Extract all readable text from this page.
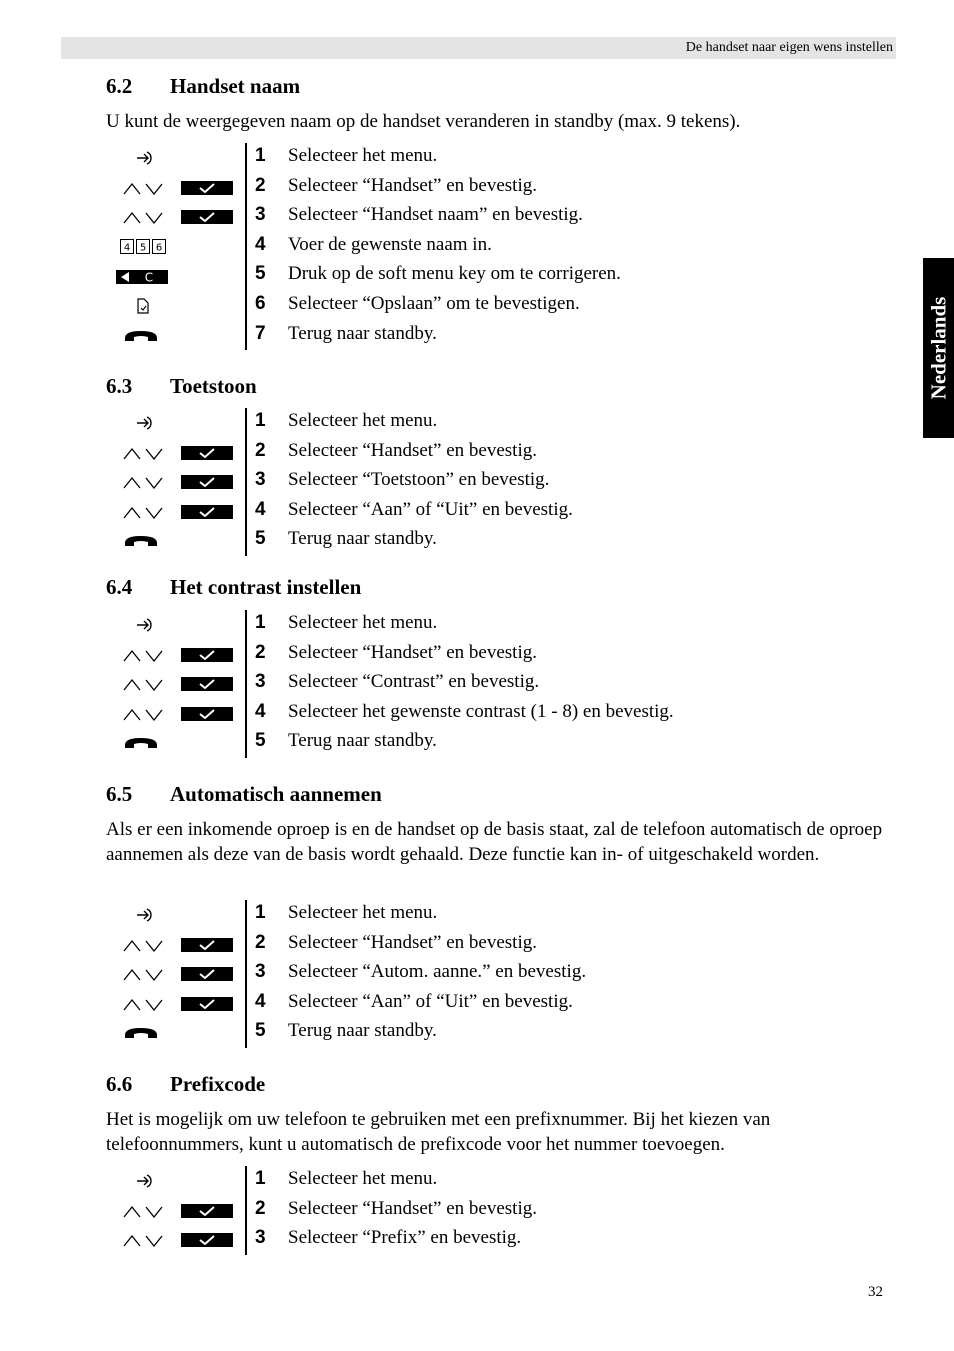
De handset naar eigen wens instellen
Nederlands
6.2 Handset naam

U kunt de weergegeven naam op de handset veranderen in standby (max. 9 tekens).

1 Selecteer het menu.
2 Selecteer “Handset” en bevestig.
3 Selecteer “Handset naam” en bevestig.
4 5 6	4 Voer de gewenste naam in.
C	5 Druk op de soft menu key om te corrigeren.
6 Selecteer “Opslaan” om te bevestigen.
7 Terug naar standby.
6.3 Toetstoon
1 Selecteer het menu.
2 Selecteer “Handset” en bevestig.
3 Selecteer “Toetstoon” en bevestig.
4 Selecteer “Aan” of “Uit” en bevestig.
5 Terug naar standby.
6.4 Het contrast instellen
1 Selecteer het menu.
2 Selecteer “Handset” en bevestig.
3 Selecteer “Contrast” en bevestig.
4 Selecteer het gewenste contrast (1 - 8) en bevestig.
5 Terug naar standby.
6.5 Automatisch aannemen

Als er een inkomende oproep is en de handset op de basis staat, zal de telefoon automatisch de oproep aannemen als deze van de basis wordt gehaald. Deze functie kan in- of uitgeschakeld worden.

1 Selecteer het menu.
2 Selecteer “Handset” en bevestig.
3 Selecteer “Autom. aanne.” en bevestig.
4 Selecteer “Aan” of “Uit” en bevestig.
5 Terug naar standby.
6.6 Prefixcode

Het is mogelijk om uw telefoon te gebruiken met een prefixnummer. Bij het kiezen van telefoonnummers, kunt u automatisch de prefixcode voor het nummer toevoegen.

1 Selecteer het menu.
2 Selecteer “Handset” en bevestig.
3 Selecteer “Prefix” en bevestig.
32
